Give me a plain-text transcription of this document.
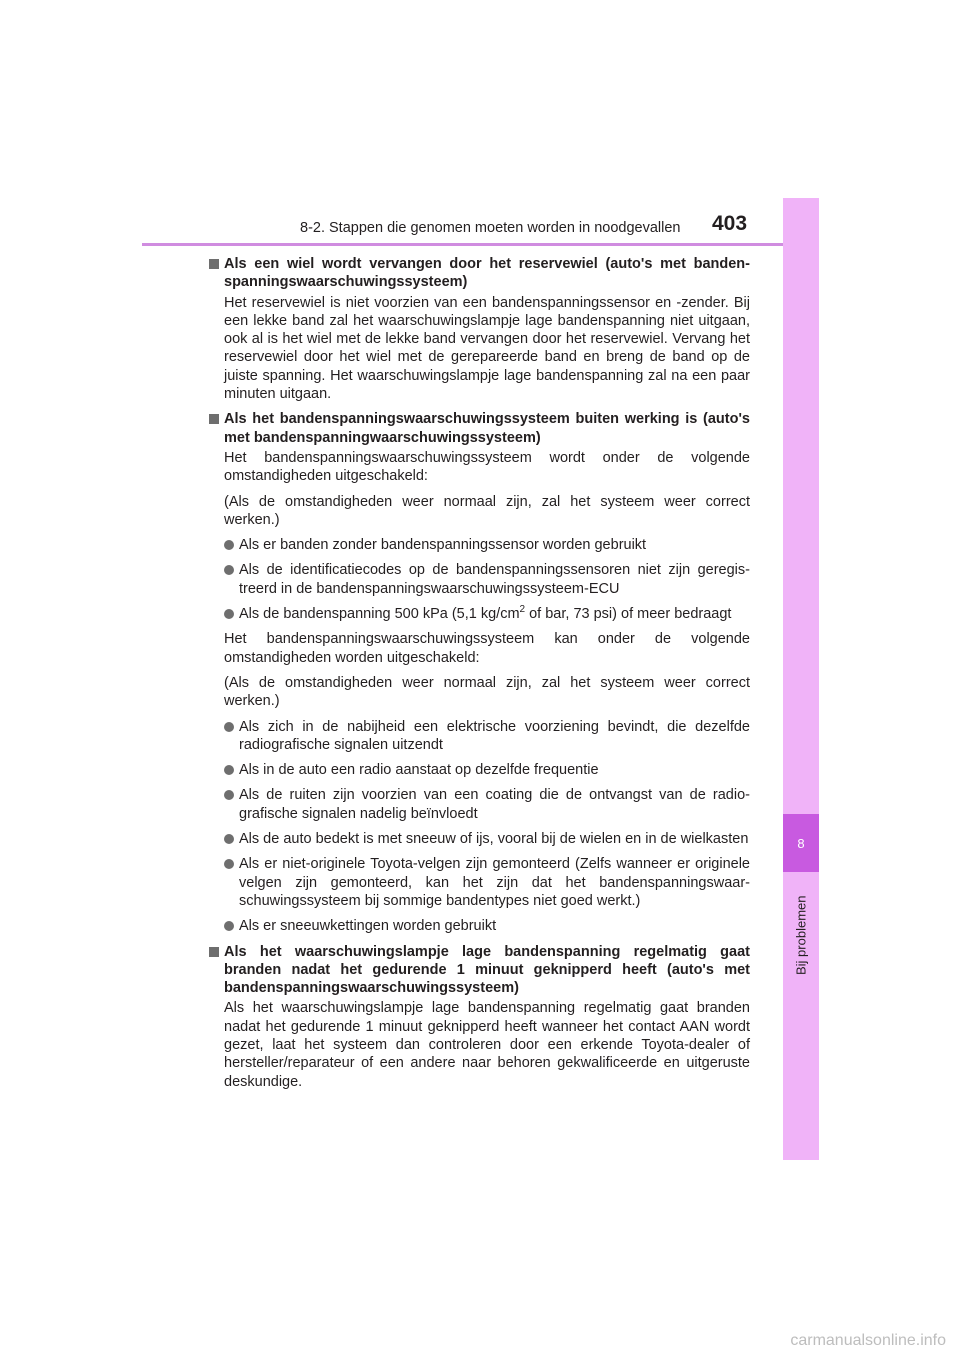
8-2. Stappen die genomen moeten worden in noodgevallen 403
8
Bij problemen
Als een wiel wordt vervangen door het reservewiel (auto's met bandenspanningswaarschuwingssysteem)
Het reservewiel is niet voorzien van een bandenspanningssensor en -zender. Bij een lekke band zal het waarschuwingslampje lage bandenspanning niet uitgaan, ook al is het wiel met de lekke band vervangen door het reservewiel. Vervang het reservewiel door het wiel met de gerepareerde band en breng de band op de juiste spanning. Het waarschuwingslampje lage bandenspanning zal na een paar minuten uitgaan.
Als het bandenspanningswaarschuwingssysteem buiten werking is (auto's met bandenspanningwaarschuwingssysteem)
Het bandenspanningswaarschuwingssysteem wordt onder de volgende omstandigheden uitgeschakeld:
(Als de omstandigheden weer normaal zijn, zal het systeem weer correct werken.)
Als er banden zonder bandenspanningssensor worden gebruikt
Als de identificatiecodes op de bandenspanningssensoren niet zijn geregistreerd in de bandenspanningswaarschuwingssysteem-ECU
Als de bandenspanning 500 kPa (5,1 $kg/cm^2$ of bar, 73 psi) of meer bedraagt
Het bandenspanningswaarschuwingssysteem kan onder de volgende omstandigheden worden uitgeschakeld:
(Als de omstandigheden weer normaal zijn, zal het systeem weer correct werken.)
Als zich in de nabijheid een elektrische voorziening bevindt, die dezelfde radiografische signalen uitzendt
Als in de auto een radio aanstaat op dezelfde frequentie
Als de ruiten zijn voorzien van een coating die de ontvangst van de radiografische signalen nadelig beïnvloedt
Als de auto bedekt is met sneeuw of ijs, vooral bij de wielen en in de wielkasten
Als er niet-originele Toyota-velgen zijn gemonteerd (Zelfs wanneer er originele velgen zijn gemonteerd, kan het zijn dat het bandenspanningswaarschuwingssysteem bij sommige bandentypes niet goed werkt.)
Als er sneeuwkettingen worden gebruikt
Als het waarschuwingslampje lage bandenspanning regelmatig gaat branden nadat het gedurende 1 minuut geknipperd heeft (auto's met bandenspanningswaarschuwingssysteem)
Als het waarschuwingslampje lage bandenspanning regelmatig gaat branden nadat het gedurende 1 minuut geknipperd heeft wanneer het contact AAN wordt gezet, laat het systeem dan controleren door een erkende Toyota-dealer of hersteller/reparateur of een andere naar behoren gekwalificeerde en uitgeruste deskundige.
carmanualsonline.info
